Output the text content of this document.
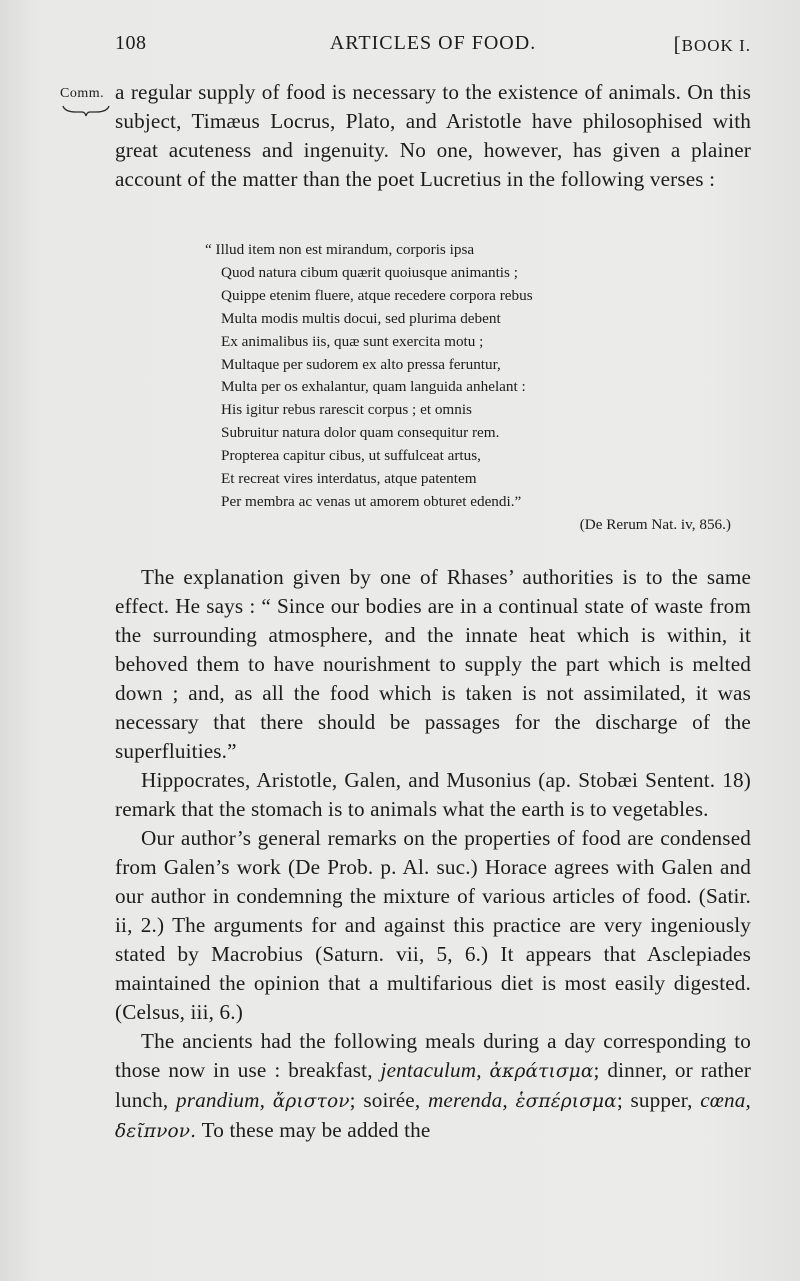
108	ARTICLES OF FOOD.	[BOOK I.
Comm. a regular supply of food is necessary to the existence of animals. On this subject, Timæus Locrus, Plato, and Aristotle have philosophised with great acuteness and ingenuity. No one, however, has given a plainer account of the matter than the poet Lucretius in the following verses :

“ Illud item non est mirandum, corporis ipsa
Quod natura cibum quærit quoiusque animantis ;
Quippe etenim fluere, atque recedere corpora rebus
Multa modis multis docui, sed plurima debent
Ex animalibus iis, quæ sunt exercita motu ;
Multaque per sudorem ex alto pressa feruntur,
Multa per os exhalantur, quam languida anhelant :
His igitur rebus rarescit corpus ; et omnis
Subruitur natura dolor quam consequitur rem.
Propterea capitur cibus, ut suffulceat artus,
Et recreat vires interdatus, atque patentem
Per membra ac venas ut amorem obturet edendi.”
(De Rerum Nat. iv, 856.)

The explanation given by one of Rhases’ authorities is to the same effect. He says : “ Since our bodies are in a continual state of waste from the surrounding atmosphere, and the innate heat which is within, it behoved them to have nourishment to supply the part which is melted down ; and, as all the food which is taken is not assimilated, it was necessary that there should be passages for the discharge of the superfluities.”

Hippocrates, Aristotle, Galen, and Musonius (ap. Stobæi Sentent. 18) remark that the stomach is to animals what the earth is to vegetables.

Our author’s general remarks on the properties of food are condensed from Galen’s work (De Prob. p. Al. suc.) Horace agrees with Galen and our author in condemning the mixture of various articles of food. (Satir. ii, 2.) The arguments for and against this practice are very ingeniously stated by Macrobius (Saturn. vii, 5, 6.) It appears that Asclepiades maintained the opinion that a multifarious diet is most easily digested. (Celsus, iii, 6.)

The ancients had the following meals during a day corresponding to those now in use : breakfast, jentaculum, ἀκράτισμα; dinner, or rather lunch, prandium, ἄριστον; soirée, merenda, ἑσπέρισμα; supper, cœna, δεῖπνον. To these may be added the
